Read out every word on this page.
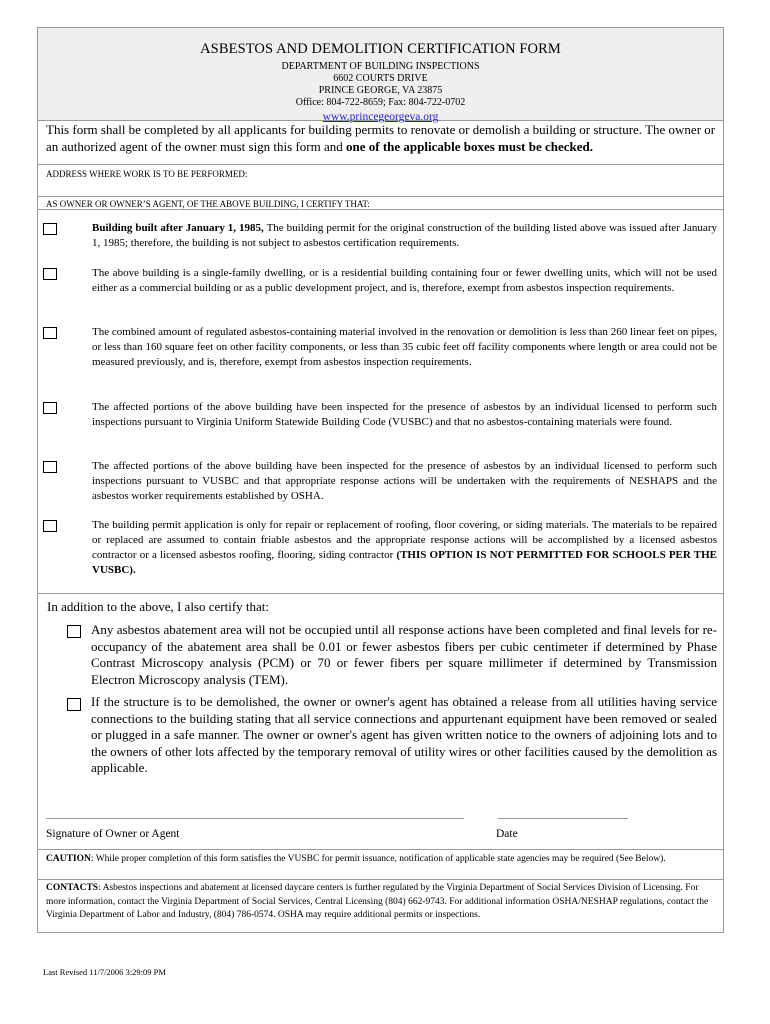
ASBESTOS AND DEMOLITION CERTIFICATION FORM
DEPARTMENT OF BUILDING INSPECTIONS
6602 COURTS DRIVE
PRINCE GEORGE, VA 23875
Office: 804-722-8659; Fax: 804-722-0702
www.princegeorgeva.org
This form shall be completed by all applicants for building permits to renovate or demolish a building or structure. The owner or an authorized agent of the owner must sign this form and one of the applicable boxes must be checked.
ADDRESS WHERE WORK IS TO BE PERFORMED:
AS OWNER OR OWNER’S AGENT, OF THE ABOVE BUILDING, I CERTIFY THAT:
Building built after January 1, 1985, The building permit for the original construction of the building listed above was issued after January 1, 1985; therefore, the building is not subject to asbestos certification requirements.
The above building is a single-family dwelling, or is a residential building containing four or fewer dwelling units, which will not be used either as a commercial building or as a public development project, and is, therefore, exempt from asbestos inspection requirements.
The combined amount of regulated asbestos-containing material involved in the renovation or demolition is less than 260 linear feet on pipes, or less than 160 square feet on other facility components, or less than 35 cubic feet off facility components where length or area could not be measured previously, and is, therefore, exempt from asbestos inspection requirements.
The affected portions of the above building have been inspected for the presence of asbestos by an individual licensed to perform such inspections pursuant to Virginia Uniform Statewide Building Code (VUSBC) and that no asbestos-containing materials were found.
The affected portions of the above building have been inspected for the presence of asbestos by an individual licensed to perform such inspections pursuant to VUSBC and that appropriate response actions will be undertaken with the requirements of NESHAPS and the asbestos worker requirements established by OSHA.
The building permit application is only for repair or replacement of roofing, floor covering, or siding materials. The materials to be repaired or replaced are assumed to contain friable asbestos and the appropriate response actions will be accomplished by a licensed asbestos contractor or a licensed asbestos roofing, flooring, siding contractor (THIS OPTION IS NOT PERMITTED FOR SCHOOLS PER THE VUSBC).
In addition to the above, I also certify that:
Any asbestos abatement area will not be occupied until all response actions have been completed and final levels for re-occupancy of the abatement area shall be 0.01 or fewer asbestos fibers per cubic centimeter if determined by Phase Contrast Microscopy analysis (PCM) or 70 or fewer fibers per square millimeter if determined by Transmission Electron Microscopy analysis (TEM).
If the structure is to be demolished, the owner or owner's agent has obtained a release from all utilities having service connections to the building stating that all service connections and appurtenant equipment have been removed or sealed or plugged in a safe manner. The owner or owner's agent has given written notice to the owners of adjoining lots and to the owners of other lots affected by the temporary removal of utility wires or other facilities caused by the demolition as applicable.
Signature of Owner or Agent	Date
CAUTION: While proper completion of this form satisfies the VUSBC for permit issuance, notification of applicable state agencies may be required (See Below).
CONTACTS: Asbestos inspections and abatement at licensed daycare centers is further regulated by the Virginia Department of Social Services Division of Licensing. For more information, contact the Virginia Department of Social Services, Central Licensing (804) 662-9743. For additional information OSHA/NESHAP regulations, contact the Virginia Department of Labor and Industry, (804) 786-0574. OSHA may require additional permits or inspections.
Last Revised 11/7/2006 3:29:09 PM
